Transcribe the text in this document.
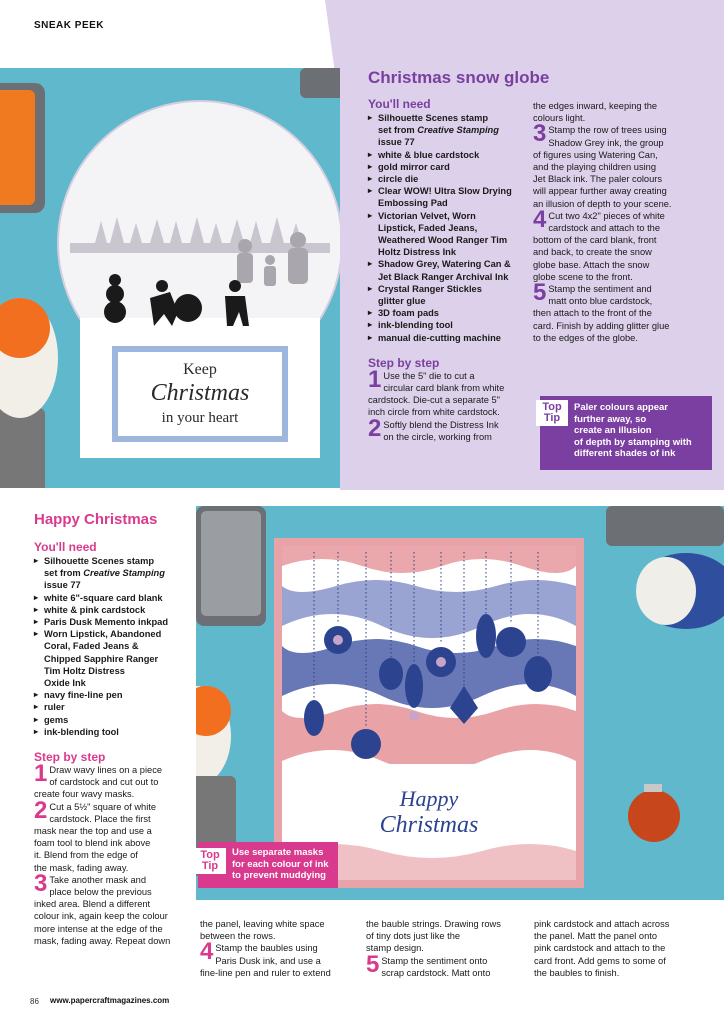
SNEAK PEEK
Keep
Christmas
in your heart
Christmas snow globe
You'll need
▸ Silhouette Scenes stamp
set from Creative Stamping
issue 77
▸ white & blue cardstock
▸ gold mirror card
▸ circle die
▸ Clear WOW! Ultra Slow Drying
Embossing Pad
▸ Victorian Velvet, Worn
Lipstick, Faded Jeans,
Weathered Wood Ranger Tim
Holtz Distress Ink
▸ Shadow Grey, Watering Can &
Jet Black Ranger Archival Ink
▸ Crystal Ranger Stickles
glitter glue
▸ 3D foam pads
▸ ink-blending tool
▸ manual die-cutting machine
Step by step
1 Use the 5" die to cut a
circular card blank from white
cardstock. Die-cut a separate 5"
inch circle from white cardstock.
2 Softly blend the Distress Ink
on the circle, working from
the edges inward, keeping the
colours light.
3 Stamp the row of trees using
Shadow Grey ink, the group
of figures using Watering Can,
and the playing children using
Jet Black ink. The paler colours
will appear further away creating
an illusion of depth to your scene.
4 Cut two 4x2" pieces of white
cardstock and attach to the
bottom of the card blank, front
and back, to create the snow
globe base. Attach the snow
globe scene to the front.
5 Stamp the sentiment and
matt onto blue cardstock,
then attach to the front of the
card. Finish by adding glitter glue
to the edges of the globe.
Top
Tip
Paler colours appear
further away, so
create an illusion
of depth by stamping with
different shades of ink
Happy
Christmas
Happy Christmas
You'll need
▸ Silhouette Scenes stamp
set from Creative Stamping
issue 77
▸ white 6"-square card blank
▸ white & pink cardstock
▸ Paris Dusk Memento inkpad
▸ Worn Lipstick, Abandoned
Coral, Faded Jeans &
Chipped Sapphire Ranger
Tim Holtz Distress
Oxide Ink
▸ navy fine-line pen
▸ ruler
▸ gems
▸ ink-blending tool
Step by step
1 Draw wavy lines on a piece
of cardstock and cut out to
create four wavy masks.
2 Cut a 5½" square of white
cardstock. Place the first
mask near the top and use a
foam tool to blend ink above
it. Blend from the edge of
the mask, fading away.
3 Take another mask and
place below the previous
inked area. Blend a different
colour ink, again keep the colour
more intense at the edge of the
mask, fading away. Repeat down
Top
Tip
Use separate masks
for each colour of ink
to prevent muddying
the panel, leaving white space
between the rows.
4 Stamp the baubles using
Paris Dusk ink, and use a
fine-line pen and ruler to extend
the bauble strings. Drawing rows
of tiny dots just like the
stamp design.
5 Stamp the sentiment onto
scrap cardstock. Matt onto
pink cardstock and attach across
the panel. Matt the panel onto
pink cardstock and attach to the
card front. Add gems to some of
the baubles to finish.
86 www.papercraftmagazines.com
